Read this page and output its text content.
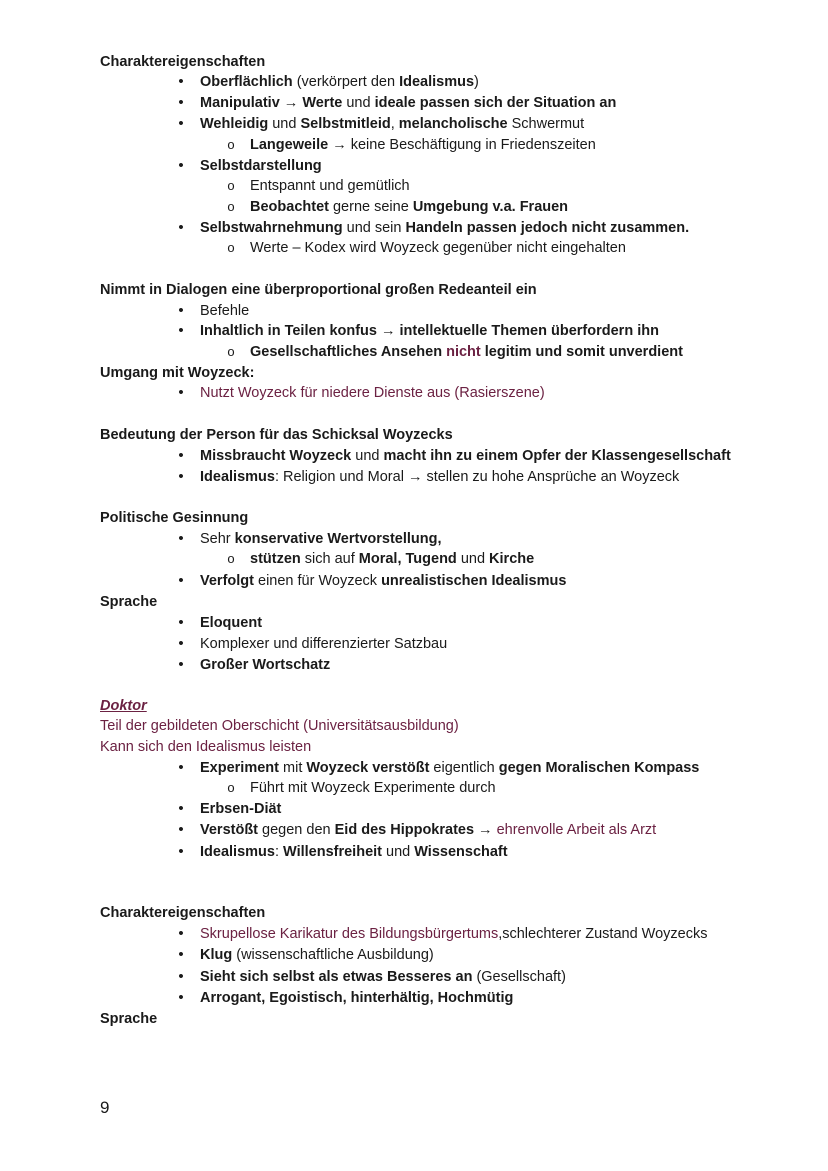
9
Charaktereigenschaften
•
Oberflächlich (verkörpert den Idealismus)
•
Manipulativ → Werte und ideale passen sich der Situation an
•
Wehleidig und Selbstmitleid, melancholische Schwermut
o
Langeweile → keine Beschäftigung in Friedenszeiten
•
Selbstdarstellung
o
Entspannt und gemütlich
o
Beobachtet gerne seine Umgebung v.a. Frauen
•
Selbstwahrnehmung und sein Handeln passen jedoch nicht zusammen.
o
Werte – Kodex wird Woyzeck gegenüber nicht eingehalten
Nimmt in Dialogen eine überproportional großen Redeanteil ein
•
Befehle
•
Inhaltlich in Teilen konfus → intellektuelle Themen überfordern ihn
o
Gesellschaftliches Ansehen nicht legitim und somit unverdient
Umgang mit Woyzeck:
•
Nutzt Woyzeck für niedere Dienste aus (Rasierszene)
Bedeutung der Person für das Schicksal Woyzecks
•
Missbraucht Woyzeck und macht ihn zu einem Opfer der Klassengesellschaft
•
Idealismus: Religion und Moral → stellen zu hohe Ansprüche an Woyzeck
Politische Gesinnung
•
Sehr konservative Wertvorstellung,
o
stützen sich auf Moral, Tugend und Kirche
•
Verfolgt einen für Woyzeck unrealistischen Idealismus
Sprache
•
Eloquent
•
Komplexer und differenzierter Satzbau
•
Großer Wortschatz
Doktor
Teil der gebildeten Oberschicht (Universitätsausbildung)
Kann sich den Idealismus leisten
•
Experiment mit Woyzeck verstößt eigentlich gegen Moralischen Kompass
o
Führt mit Woyzeck Experimente durch
•
Erbsen-Diät
•
Verstößt gegen den Eid des Hippokrates → ehrenvolle Arbeit als Arzt
•
Idealismus: Willensfreiheit und Wissenschaft
Charaktereigenschaften
•
Skrupellose Karikatur des Bildungsbürgertums,schlechterer Zustand Woyzecks
•
Klug (wissenschaftliche Ausbildung)
•
Sieht sich selbst als etwas Besseres an (Gesellschaft)
•
Arrogant, Egoistisch, hinterhältig, Hochmütig
Sprache
